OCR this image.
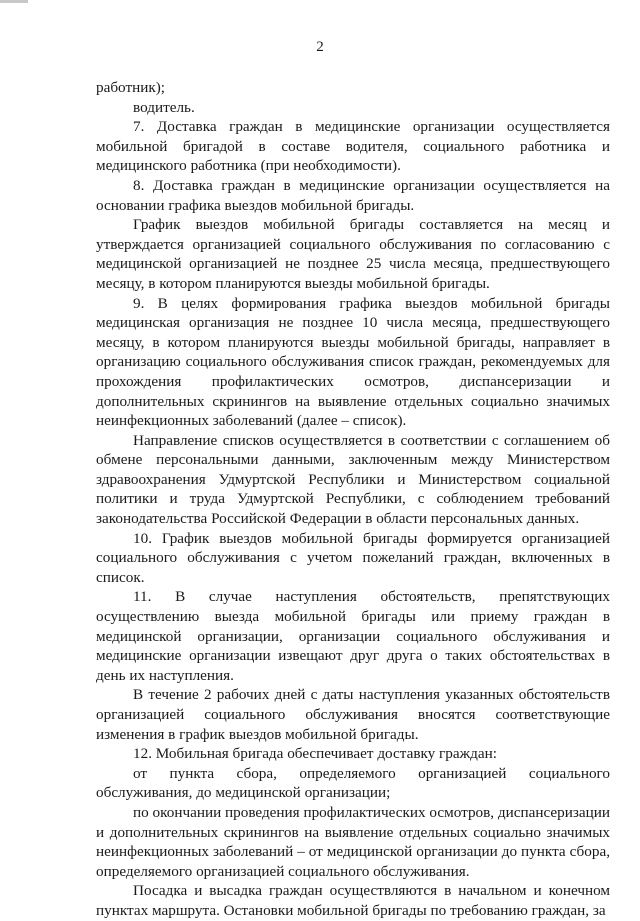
2

работник);

водитель.

7. Доставка граждан в медицинские организации осуществляется мобильной бригадой в составе водителя, социального работника и медицинского работника (при необходимости).

8. Доставка граждан в медицинские организации осуществляется на основании графика выездов мобильной бригады.

График выездов мобильной бригады составляется на месяц и утверждается организацией социального обслуживания по согласованию с медицинской организацией не позднее 25 числа месяца, предшествующего месяцу, в котором планируются выезды мобильной бригады.

9. В целях формирования графика выездов мобильной бригады медицинская организация не позднее 10 числа месяца, предшествующего месяцу, в котором планируются выезды мобильной бригады, направляет в организацию социального обслуживания список граждан, рекомендуемых для прохождения профилактических осмотров, диспансеризации и дополнительных скринингов на выявление отдельных социально значимых неинфекционных заболеваний (далее – список).

Направление списков осуществляется в соответствии с соглашением об обмене персональными данными, заключенным между Министерством здравоохранения Удмуртской Республики и Министерством социальной политики и труда Удмуртской Республики, с соблюдением требований законодательства Российской Федерации в области персональных данных.

10. График выездов мобильной бригады формируется организацией социального обслуживания с учетом пожеланий граждан, включенных в список.

11. В случае наступления обстоятельств, препятствующих осуществлению выезда мобильной бригады или приему граждан в медицинской организации, организации социального обслуживания и медицинские организации извещают друг друга о таких обстоятельствах в день их наступления.

В течение 2 рабочих дней с даты наступления указанных обстоятельств организацией социального обслуживания вносятся соответствующие изменения в график выездов мобильной бригады.

12. Мобильная бригада обеспечивает доставку граждан:

от пункта сбора, определяемого организацией социального обслуживания, до медицинской организации;

по окончании проведения профилактических осмотров, диспансеризации и дополнительных скринингов на выявление отдельных социально значимых неинфекционных заболеваний – от медицинской организации до пункта сбора, определяемого организацией социального обслуживания.

Посадка и высадка граждан осуществляются в начальном и конечном пунктах маршрута. Остановки мобильной бригады по требованию граждан, за
